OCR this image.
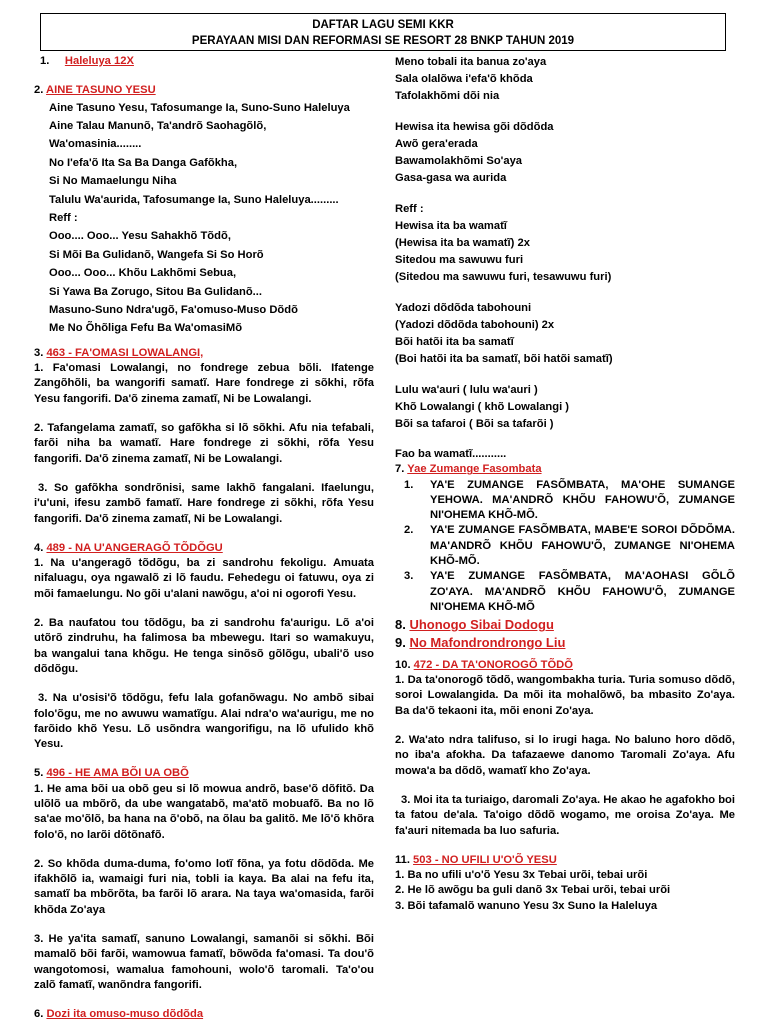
DAFTAR LAGU SEMI KKR
PERAYAAN MISI DAN REFORMASI SE RESORT 28 BNKP TAHUN 2019
1. Haleluya 12X
2. AINE TASUNO YESU
Aine Tasuno Yesu, Tafosumange Ia, Suno-Suno Haleluya
Aine Talau Manunõ, Ta'andrõ Saohagõlõ,
Wa'omasinia........
No I'efa'õ Ita Sa Ba Danga Gafõkha,
Si No Mamaelungu Niha
Talulu Wa'aurida, Tafosumange Ia, Suno Haleluya.........
Reff :
Ooo.... Ooo... Yesu Sahakhõ Tõdõ,
Si Mõi Ba Gulidanõ, Wangefa Si So Horõ
Ooo... Ooo... Khõu Lakhõmi Sebua,
Si Yawa Ba Zorugo, Sitou Ba Gulidanõ...
Masuno-Suno Ndra'ugõ, Fa'omuso-Muso Dõdõ
Me No Õhõliga Fefu Ba Wa'omasiMõ
3. 463 - FA'OMASI LOWALANGI,
1. Fa'omasi Lowalangi, no fondrege zebua bõli. Ifatenge Zangõhõli, ba wangorifi samatĩ. Hare fondrege zi sõkhi, rõfa Yesu fangorifi. Da'õ zinema zamatĩ, Ni be Lowalangi.
2. Tafangelama zamatĩ, so gafõkha si lõ sõkhi. Afu nia tefabali, farõi niha ba wamatĩ. Hare fondrege zi sõkhi, rõfa Yesu fangorifi. Da'õ zinema zamatĩ, Ni be Lowalangi.
3. So gafõkha sondrõnisi, same lakhõ fangalani. Ifaelungu, i'u'uni, ifesu zambõ famatĩ. Hare fondrege zi sõkhi, rõfa Yesu fangorifi. Da'õ zinema zamatĩ, Ni be Lowalangi.
4. 489 - NA U'ANGERAGÕ TÕDÕGU
1. Na u'angeragõ tõdõgu, ba zi sandrohu fekoligu. Amuata nifaluagu, oya ngawalõ zi lõ faudu. Fehedegu oi fatuwu, oya zi mõi famaelungu. No gõi u'alani nawõgu, a'oi ni ogorofi Yesu.
2. Ba naufatou tou tõdõgu, ba zi sandrohu fa'aurigu. Lõ a'oi utõrõ zindruhu, ha falimosa ba mbewegu. Itari so wamakuyu, ba wangalui tana khõgu. He tenga sinõsõ gõlõgu, ubali'õ uso dõdõgu.
3. Na u'osisi'õ tõdõgu, fefu lala gofanõwagu. No ambõ sibai folo'õgu, me no awuwu wamatĩgu. Alai ndra'o wa'aurigu, me no farõido khõ Yesu. Lõ usõndra wangorifigu, na lõ ufulido khõ Yesu.
5. 496 - HE AMA BÕI UA OBÕ
1. He ama bõi ua obõ geu si lõ mowua andrõ, base'õ dõfitõ. Da ulõlõ ua mbõrõ, da ube wangatabõ, ma'atõ mobuafõ. Ba no lõ sa'ae mo'õlõ, ba hana na õ'obõ, na õlau ba galitõ. Me lõ'õ khõra folo'õ, no larõi dõtõnafõ.
2. So khõda duma-duma, fo'omo lotĩ fõna, ya fotu dõdõda. Me ifakhõlõ ia, wamaigi furi nia, tobli ia kaya. Ba alai na fefu ita, samatĩ ba mbõrõta, ba farõi lõ arara. Na taya wa'omasida, farõi khõda Zo'aya
3. He ya'ita samatĩ, sanuno Lowalangi, samanõi si sõkhi. Bõi mamalõ bõi farõi, wamowua famatĩ, bõwõda fa'omasi. Ta dou'õ wangotomosi, wamalua famohouni, wolo'õ taromali. Ta'o'ou zalõ famatĩ, wanõndra fangorifi.
6. Dozi ita omuso-muso dõdõda
Meno tobali ita banua zo'aya
Sala olalõwa i'efa'õ khõda
Tafolakhõmi dõi nia
Hewisa ita hewisa gõi dõdõda
Awõ gera'erada
Bawamolakhõmi So'aya
Gasa-gasa wa aurida
Reff :
Hewisa ita ba wamatĩ
(Hewisa ita ba wamatĩ) 2x
Sitedou ma sawuwu furi
(Sitedou ma sawuwu furi, tesawuwu furi)
Yadozi dõdõda tabohouni
(Yadozi dõdõda tabohouni) 2x
Bõi hatõi ita ba samatĩ
(Boi hatõi ita ba samatĩ, bõi hatõi samatĩ)
Lulu wa'auri ( lulu wa'auri )
Khõ Lowalangi ( khõ Lowalangi )
Bõi sa tafaroi ( Bõi sa tafarõi )
Fao ba wamatĩ...........
7. Yae Zumange Fasombata
1. YA'E ZUMANGE FASÕMBATA, MA'OHE SUMANGE YEHOWA. MA'ANDRÕ KHÕU FAHOWU'Õ, ZUMANGE NI'OHEMA KHÕ-MÕ.
2. YA'E ZUMANGE FASÕMBATA, MABE'E SOROI DÕDÕMA. MA'ANDRÕ KHÕU FAHOWU'Õ, ZUMANGE NI'OHEMA KHÕ-MÕ.
3. YA'E ZUMANGE FASÕMBATA, MA'AOHASI GÕLÕ ZO'AYA. MA'ANDRÕ KHÕU FAHOWU'Õ, ZUMANGE NI'OHEMA KHÕ-MÕ
8. Uhonogo Sibai Dodogu
9. No Mafondrondrongo Liu
10. 472 - DA TA'ONOROGÕ TÕDÕ
1. Da ta'onorogõ tõdõ, wangombakha turia. Turia somuso dõdõ, soroi Lowalangida. Da mõi ita mohalõwõ, ba mbasito Zo'aya. Ba da'õ tekaoni ita, mõi enoni Zo'aya.
2. Wa'ato ndra talifuso, si lo irugi haga. No baluno horo dõdõ, no iba'a afokha. Da tafazaewe danomo Taromali Zo'aya. Afu mowa'a ba dõdõ, wamatĩ kho Zo'aya.
3. Moi ita ta turiaigo, daromali Zo'aya. He akao he agafokho boi ta fatou de'ala. Ta'oigo dõdõ wogamo, me oroisa Zo'aya. Me fa'auri nitemada ba luo safuria.
11. 503 - NO UFILI U'O'Õ YESU
1. Ba no ufili u'o'õ Yesu 3x Tebai urõi, tebai urõi
2. He lõ awõgu ba guli danõ 3x Tebai urõi, tebai urõi
3. Bõi tafamalõ wanuno Yesu 3x Suno Ia Haleluya
